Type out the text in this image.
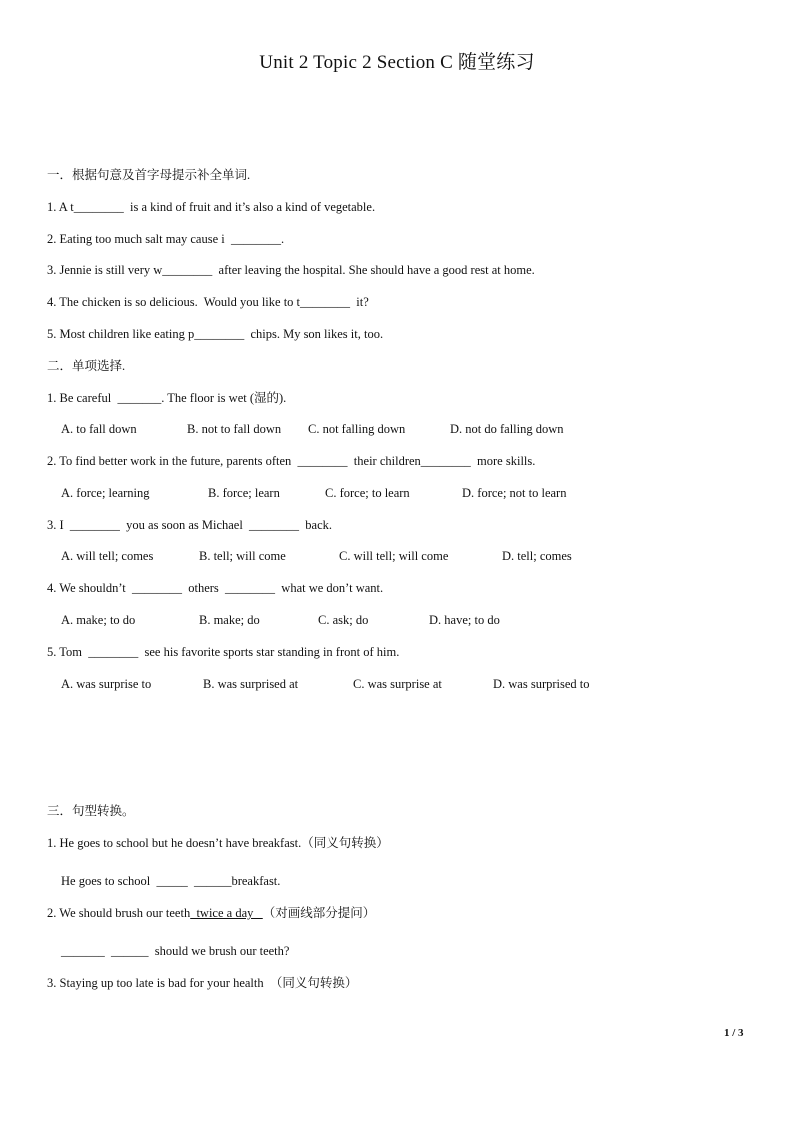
Unit 2 Topic 2 Section C 随堂练习
一．根据句意及首字母提示补全单词.
1. A t________  is a kind of fruit and it’s also a kind of vegetable.
2. Eating too much salt may cause i  ________.
3. Jennie is still very w________  after leaving the hospital. She should have a good rest at home.
4. The chicken is so delicious.  Would you like to t________  it?
5. Most children like eating p________  chips. My son likes it, too.
二．单项选择.
1. Be careful  _______. The floor is wet (湿的).
A. to fall down	B. not to fall down C. not falling down	D. not do falling down
2. To find better work in the future, parents often  ________  their children________  more skills.
A. force; learning	B. force; learn	C. force; to learn	D. force; not to learn
3. I  ________  you as soon as Michael  ________  back.
A. will tell; comes	B. tell; will come	C. will tell; will come	D. tell; comes
4. We shouldn’t  ________  others  ________  what we don’t want.
A. make; to do	B. make; do	C. ask; do	D. have; to do
5. Tom  ________  see his favorite sports star standing in front of him.
A. was surprise to	B. was surprised at	C. was surprise at	D. was surprised to
三．句型转换。
1. He goes to school but he doesn’t have breakfast.（同义句转换）
He goes to school  _____  ______breakfast.
2. We should brush our teeth  twice a day   （对画线部分提问）
_______  ______  should we brush our teeth?
3. Staying up too late is bad for your health  （同义句转换）
1 / 3
